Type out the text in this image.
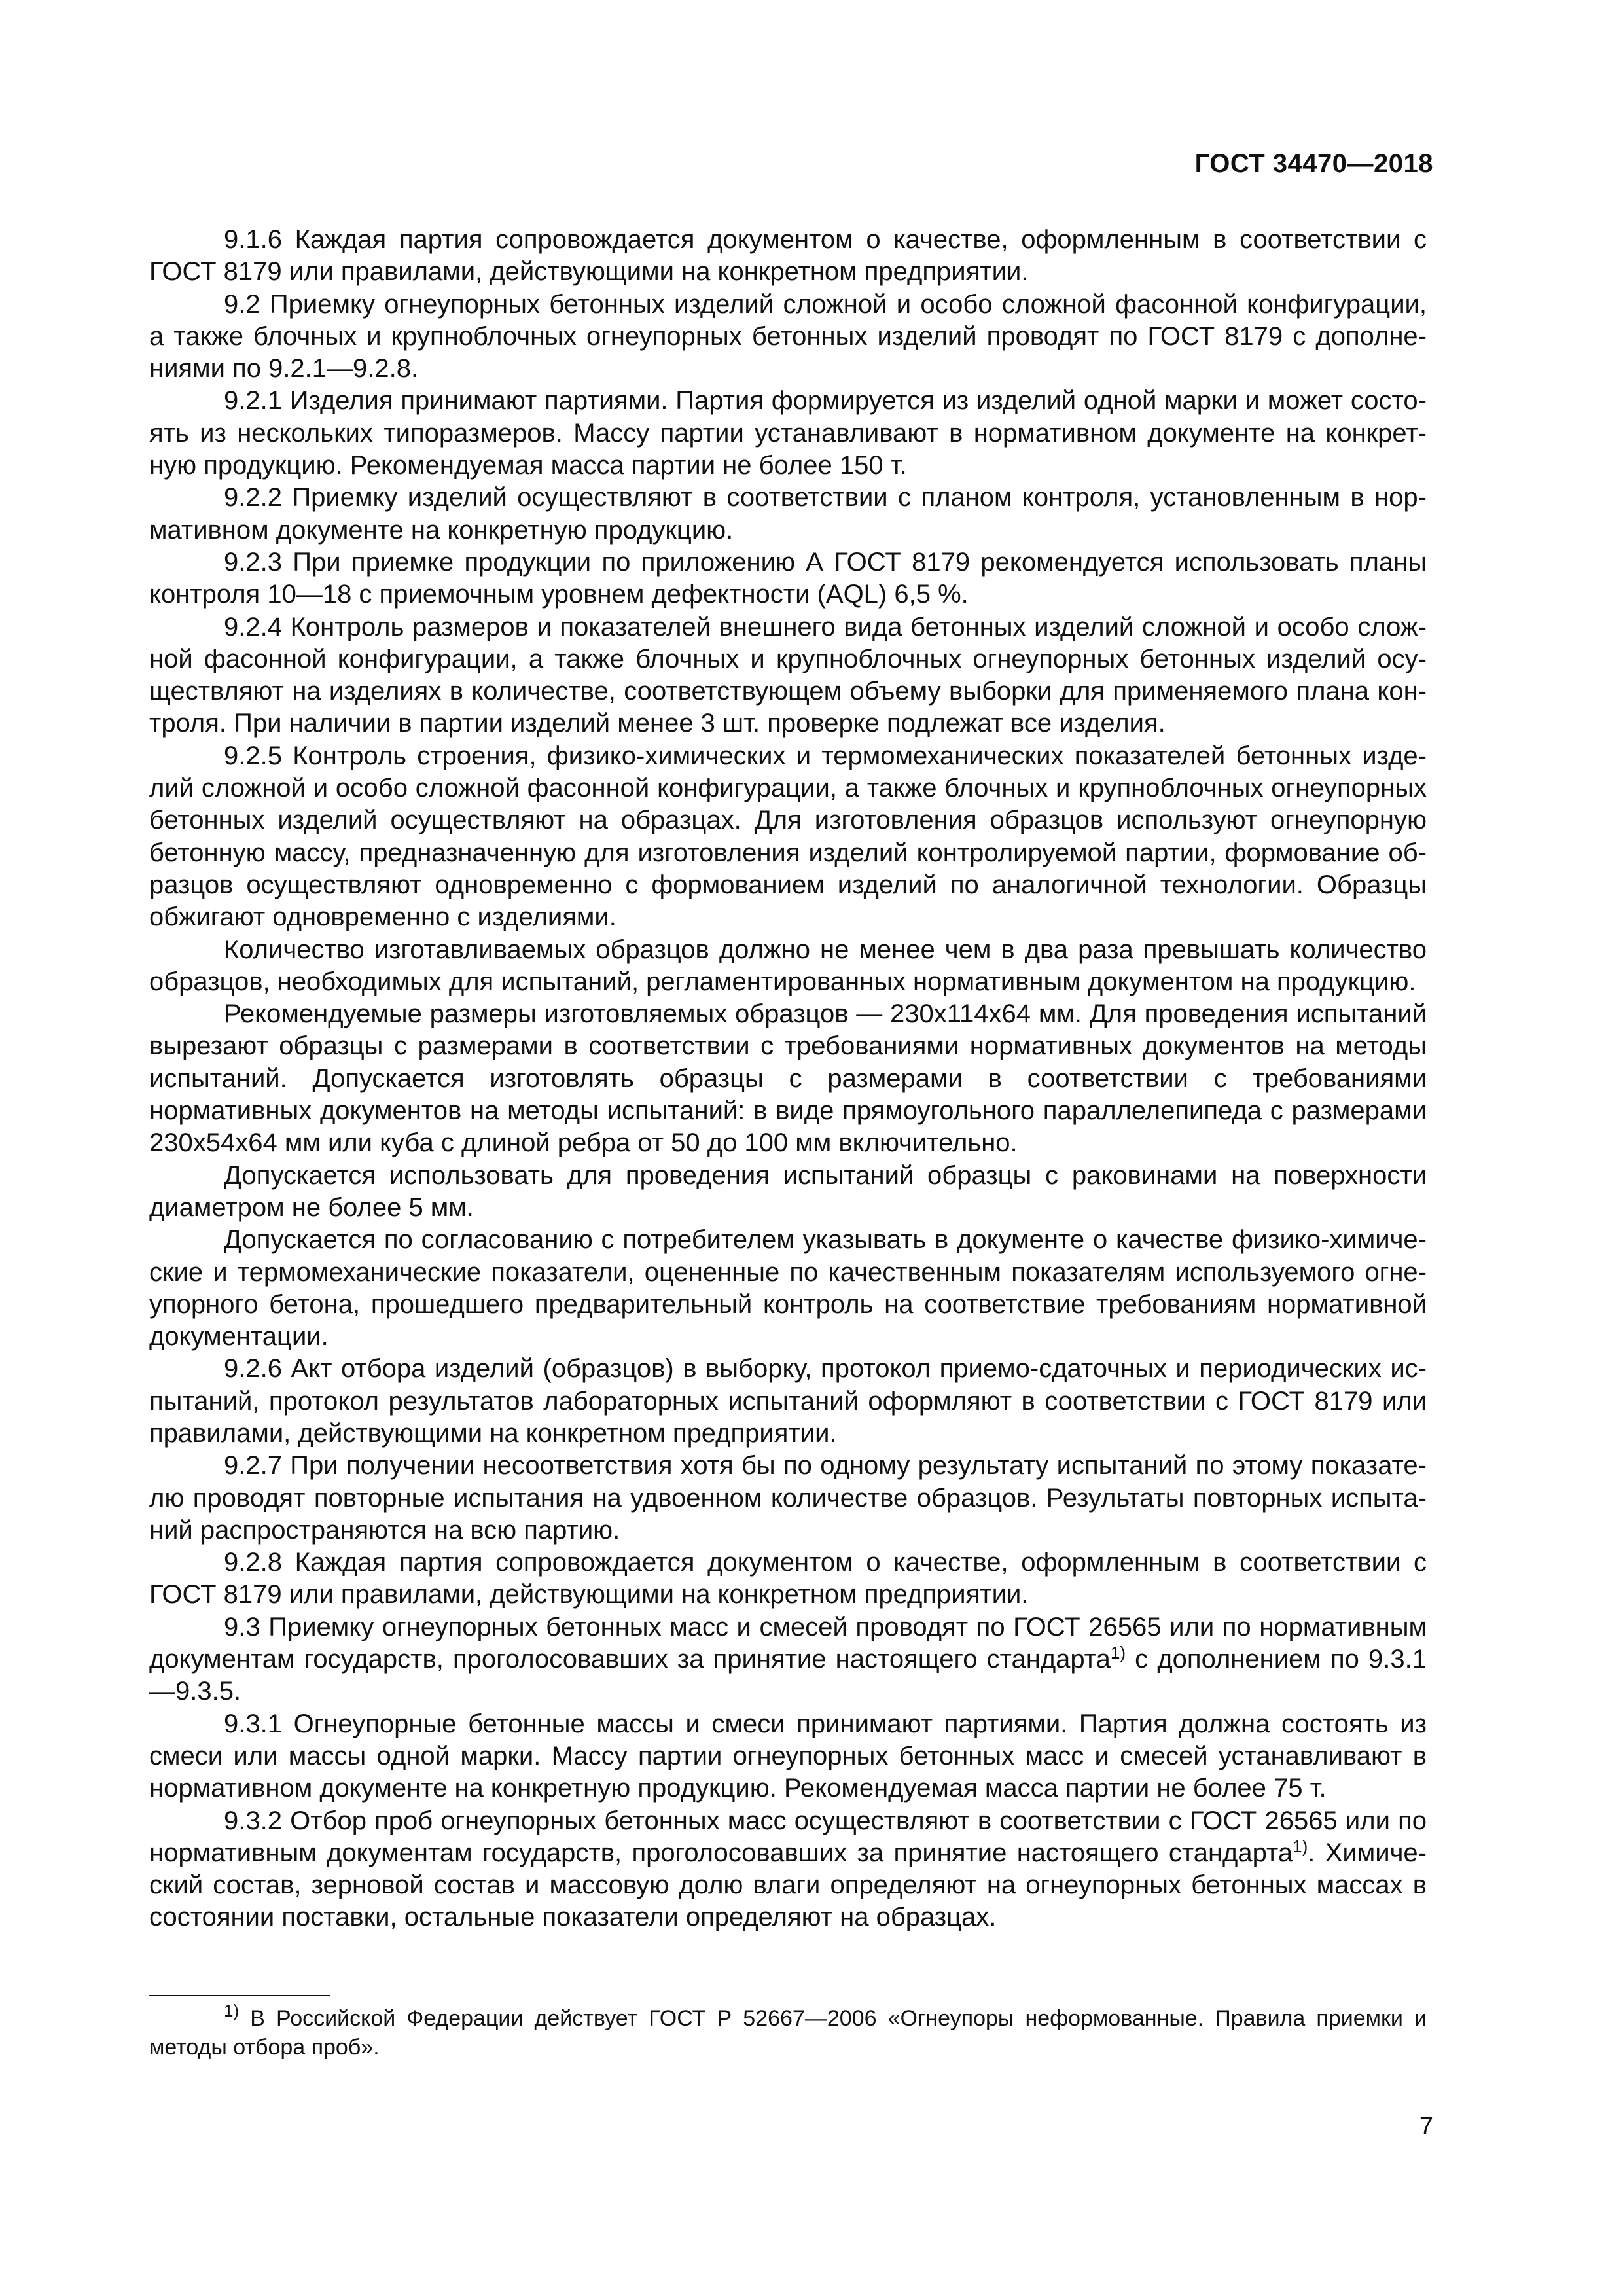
ГОСТ 34470—2018

9.1.6 Каждая партия сопровождается документом о качестве, оформленным в соответствии с ГОСТ 8179 или правилами, действующими на конкретном предприятии.

9.2 Приемку огнеупорных бетонных изделий сложной и особо сложной фасонной конфигурации, а также блочных и крупноблочных огнеупорных бетонных изделий проводят по ГОСТ 8179 с дополнениями по 9.2.1—9.2.8.

9.2.1 Изделия принимают партиями. Партия формируется из изделий одной марки и может состоять из нескольких типоразмеров. Массу партии устанавливают в нормативном документе на конкретную продукцию. Рекомендуемая масса партии не более 150 т.

9.2.2 Приемку изделий осуществляют в соответствии с планом контроля, установленным в нормативном документе на конкретную продукцию.

9.2.3 При приемке продукции по приложению А ГОСТ 8179 рекомендуется использовать планы контроля 10—18 с приемочным уровнем дефектности (AQL) 6,5 %.

9.2.4 Контроль размеров и показателей внешнего вида бетонных изделий сложной и особо сложной фасонной конфигурации, а также блочных и крупноблочных огнеупорных бетонных изделий осуществляют на изделиях в количестве, соответствующем объему выборки для применяемого плана контроля. При наличии в партии изделий менее 3 шт. проверке подлежат все изделия.

9.2.5 Контроль строения, физико-химических и термомеханических показателей бетонных изделий сложной и особо сложной фасонной конфигурации, а также блочных и крупноблочных огнеупорных бетонных изделий осуществляют на образцах. Для изготовления образцов используют огнеупорную бетонную массу, предназначенную для изготовления изделий контролируемой партии, формование образцов осуществляют одновременно с формованием изделий по аналогичной технологии. Образцы обжигают одновременно с изделиями.

Количество изготавливаемых образцов должно не менее чем в два раза превышать количество образцов, необходимых для испытаний, регламентированных нормативным документом на продукцию.

Рекомендуемые размеры изготовляемых образцов — 230х114х64 мм. Для проведения испытаний вырезают образцы с размерами в соответствии с требованиями нормативных документов на методы испытаний. Допускается изготовлять образцы с размерами в соответствии с требованиями нормативных документов на методы испытаний: в виде прямоугольного параллелепипеда с размерами 230х54х64 мм или куба с длиной ребра от 50 до 100 мм включительно.

Допускается использовать для проведения испытаний образцы с раковинами на поверхности диаметром не более 5 мм.

Допускается по согласованию с потребителем указывать в документе о качестве физико-химические и термомеханические показатели, оцененные по качественным показателям используемого огнеупорного бетона, прошедшего предварительный контроль на соответствие требованиям нормативной документации.

9.2.6 Акт отбора изделий (образцов) в выборку, протокол приемо-сдаточных и периодических испытаний, протокол результатов лабораторных испытаний оформляют в соответствии с ГОСТ 8179 или правилами, действующими на конкретном предприятии.

9.2.7 При получении несоответствия хотя бы по одному результату испытаний по этому показателю проводят повторные испытания на удвоенном количестве образцов. Результаты повторных испытаний распространяются на всю партию.

9.2.8 Каждая партия сопровождается документом о качестве, оформленным в соответствии с ГОСТ 8179 или правилами, действующими на конкретном предприятии.

9.3 Приемку огнеупорных бетонных масс и смесей проводят по ГОСТ 26565 или по нормативным документам государств, проголосовавших за принятие настоящего стандарта$^{1)}$ с дополнением по 9.3.1—9.3.5.

9.3.1 Огнеупорные бетонные массы и смеси принимают партиями. Партия должна состоять из смеси или массы одной марки. Массу партии огнеупорных бетонных масс и смесей устанавливают в нормативном документе на конкретную продукцию. Рекомендуемая масса партии не более 75 т.

9.3.2 Отбор проб огнеупорных бетонных масс осуществляют в соответствии с ГОСТ 26565 или по нормативным документам государств, проголосовавших за принятие настоящего стандарта$^{1)}$. Химический состав, зерновой состав и массовую долю влаги определяют на огнеупорных бетонных массах в состоянии поставки, остальные показатели определяют на образцах.

$^{1)}$ В Российской Федерации действует ГОСТ Р 52667—2006 «Огнеупоры неформованные. Правила приемки и методы отбора проб».

7
